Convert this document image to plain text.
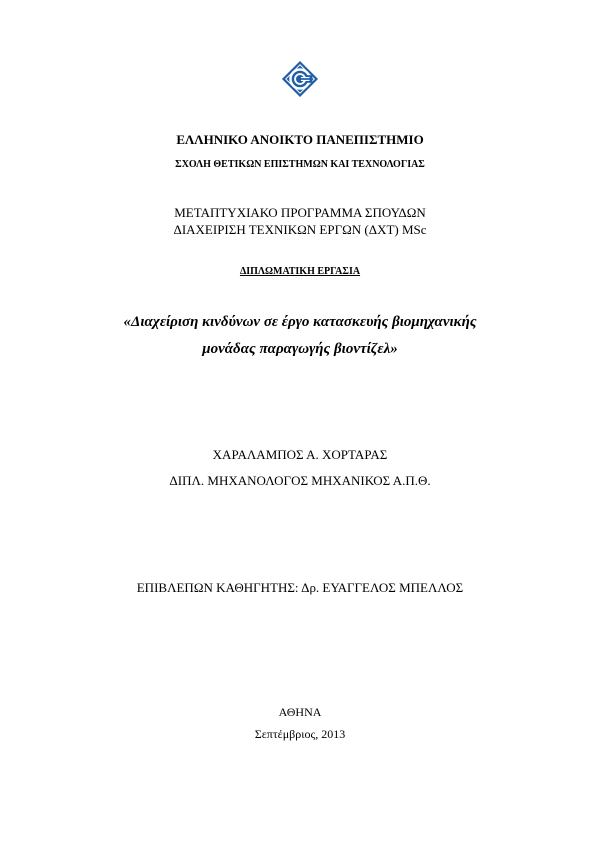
ΕΛΛΗΝΙΚΟ ΑΝΟΙΚΤΟ ΠΑΝΕΠΙΣΤΗΜΙΟ
ΣΧΟΛΗ ΘΕΤΙΚΩΝ ΕΠΙΣΤΗΜΩΝ ΚΑΙ ΤΕΧΝΟΛΟΓΙΑΣ
ΜΕΤΑΠΤΥΧΙΑΚΟ ΠΡΟΓΡΑΜΜΑ ΣΠΟΥΔΩΝ
ΔΙΑΧΕΙΡΙΣΗ ΤΕΧΝΙΚΩΝ ΕΡΓΩΝ (ΔΧΤ) MSc
ΔΙΠΛΩΜΑΤΙΚΗ ΕΡΓΑΣΙΑ
«Διαχείριση κινδύνων σε έργο κατασκευής βιομηχανικής
μονάδας παραγωγής βιοντίζελ»
ΧΑΡΑΛΑΜΠΟΣ Α. ΧΟΡΤΑΡΑΣ
ΔΙΠΛ. ΜΗΧΑΝΟΛΟΓΟΣ ΜΗΧΑΝΙΚΟΣ Α.Π.Θ.
ΕΠΙΒΛΕΠΩΝ ΚΑΘΗΓΗΤΗΣ: Δρ. ΕΥΑΓΓΕΛΟΣ ΜΠΕΛΛΟΣ
ΑΘΗΝΑ
Σεπτέμβριος, 2013
